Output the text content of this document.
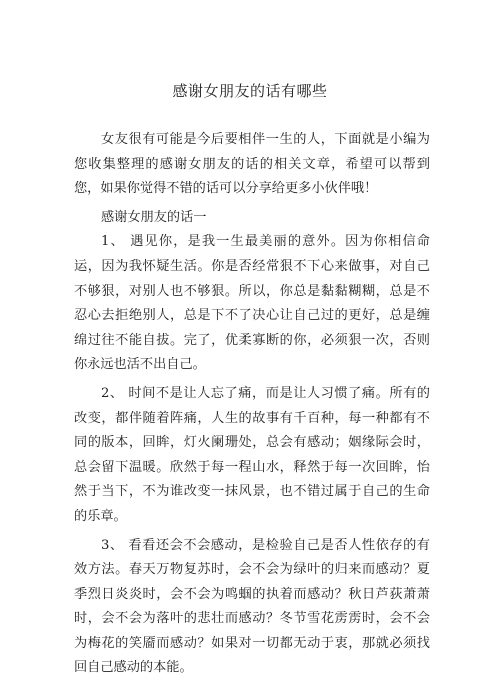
感谢女朋友的话有哪些

女友很有可能是今后要相伴一生的人，下面就是小编为您收集整理的感谢女朋友的话的相关文章，希望可以帮到您，如果你觉得不错的话可以分享给更多小伙伴哦！

感谢女朋友的话一

1、 遇见你，是我一生最美丽的意外。因为你相信命运，因为我怀疑生活。你是否经常狠不下心来做事，对自己不够狠，对别人也不够狠。所以，你总是黏黏糊糊，总是不忍心去拒绝别人，总是下不了决心让自己过的更好，总是缠绵过往不能自拔。完了，优柔寡断的你，必须狠一次，否则你永远也活不出自己。

2、 时间不是让人忘了痛，而是让人习惯了痛。所有的改变，都伴随着阵痛，人生的故事有千百种，每一种都有不同的版本，回眸，灯火阑珊处，总会有感动；姻缘际会时，总会留下温暖。欣然于每一程山水，释然于每一次回眸，怡然于当下，不为谁改变一抹风景，也不错过属于自己的生命的乐章。

3、 看看还会不会感动，是检验自己是否人性依存的有效方法。春天万物复苏时，会不会为绿叶的归来而感动？夏季烈日炎炎时，会不会为鸣蝈的执着而感动？秋日芦荻萧萧时，会不会为落叶的悲壮而感动？冬节雪花雳雳时，会不会为梅花的笑靥而感动？如果对一切都无动于衷，那就必须找回自己感动的本能。
